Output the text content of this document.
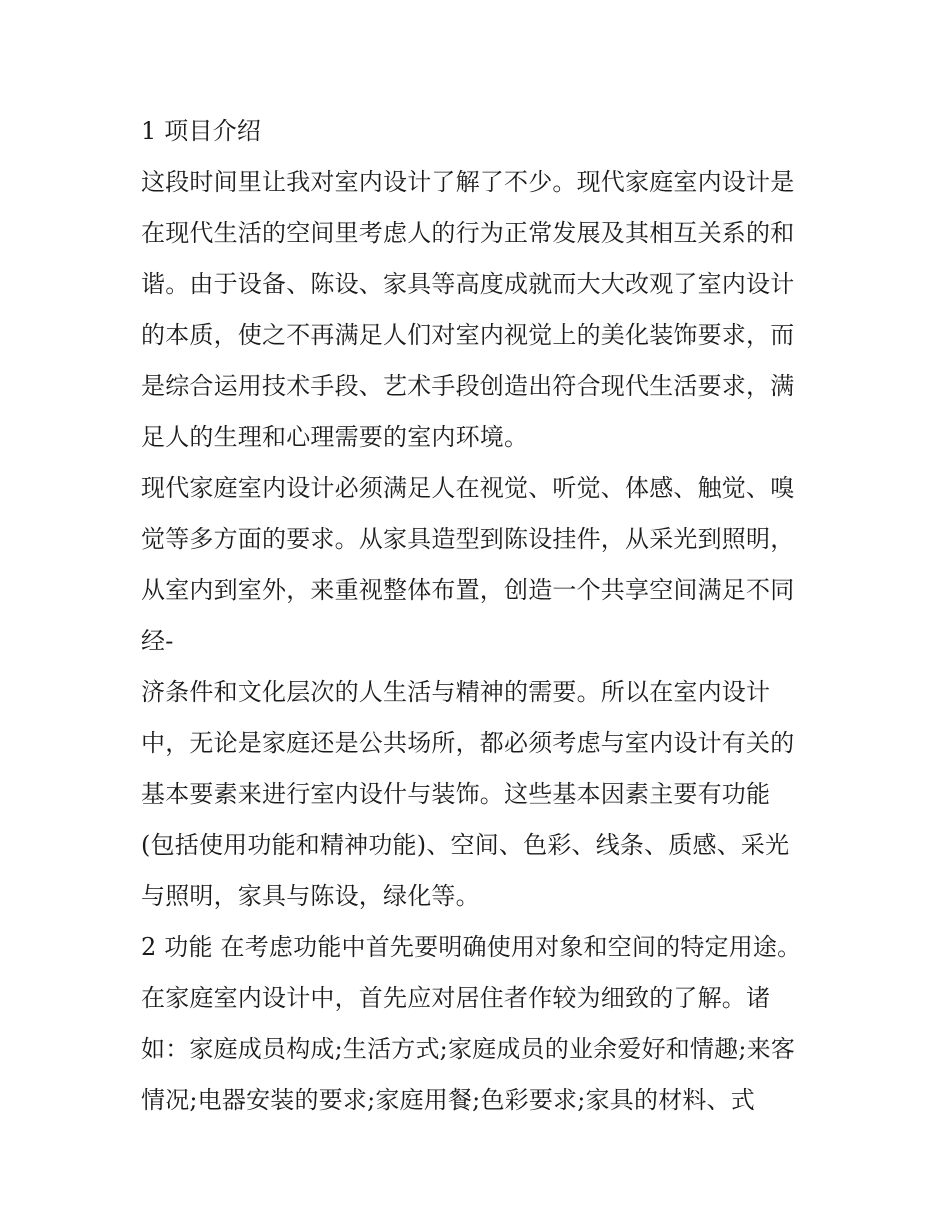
1 项目介绍
这段时间里让我对室内设计了解了不少。现代家庭室内设计是
在现代生活的空间里考虑人的行为正常发展及其相互关系的和
谐。由于设备、陈设、家具等高度成就而大大改观了室内设计
的本质，使之不再满足人们对室内视觉上的美化装饰要求，而
是综合运用技术手段、艺术手段创造出符合现代生活要求，满
足人的生理和心理需要的室内环境。
现代家庭室内设计必须满足人在视觉、听觉、体感、触觉、嗅
觉等多方面的要求。从家具造型到陈设挂件，从采光到照明，
从室内到室外，来重视整体布置，创造一个共享空间满足不同
经-
济条件和文化层次的人生活与精神的需要。所以在室内设计
中，无论是家庭还是公共场所，都必须考虑与室内设计有关的
基本要素来进行室内设什与装饰。这些基本因素主要有功能
(包括使用功能和精神功能)、空间、色彩、线条、质感、采光
与照明，家具与陈设，绿化等。
2 功能 在考虑功能中首先要明确使用对象和空间的特定用途。
在家庭室内设计中，首先应对居住者作较为细致的了解。诸
如：家庭成员构成;生活方式;家庭成员的业余爱好和情趣;来客
情况;电器安装的要求;家庭用餐;色彩要求;家具的材料、式
